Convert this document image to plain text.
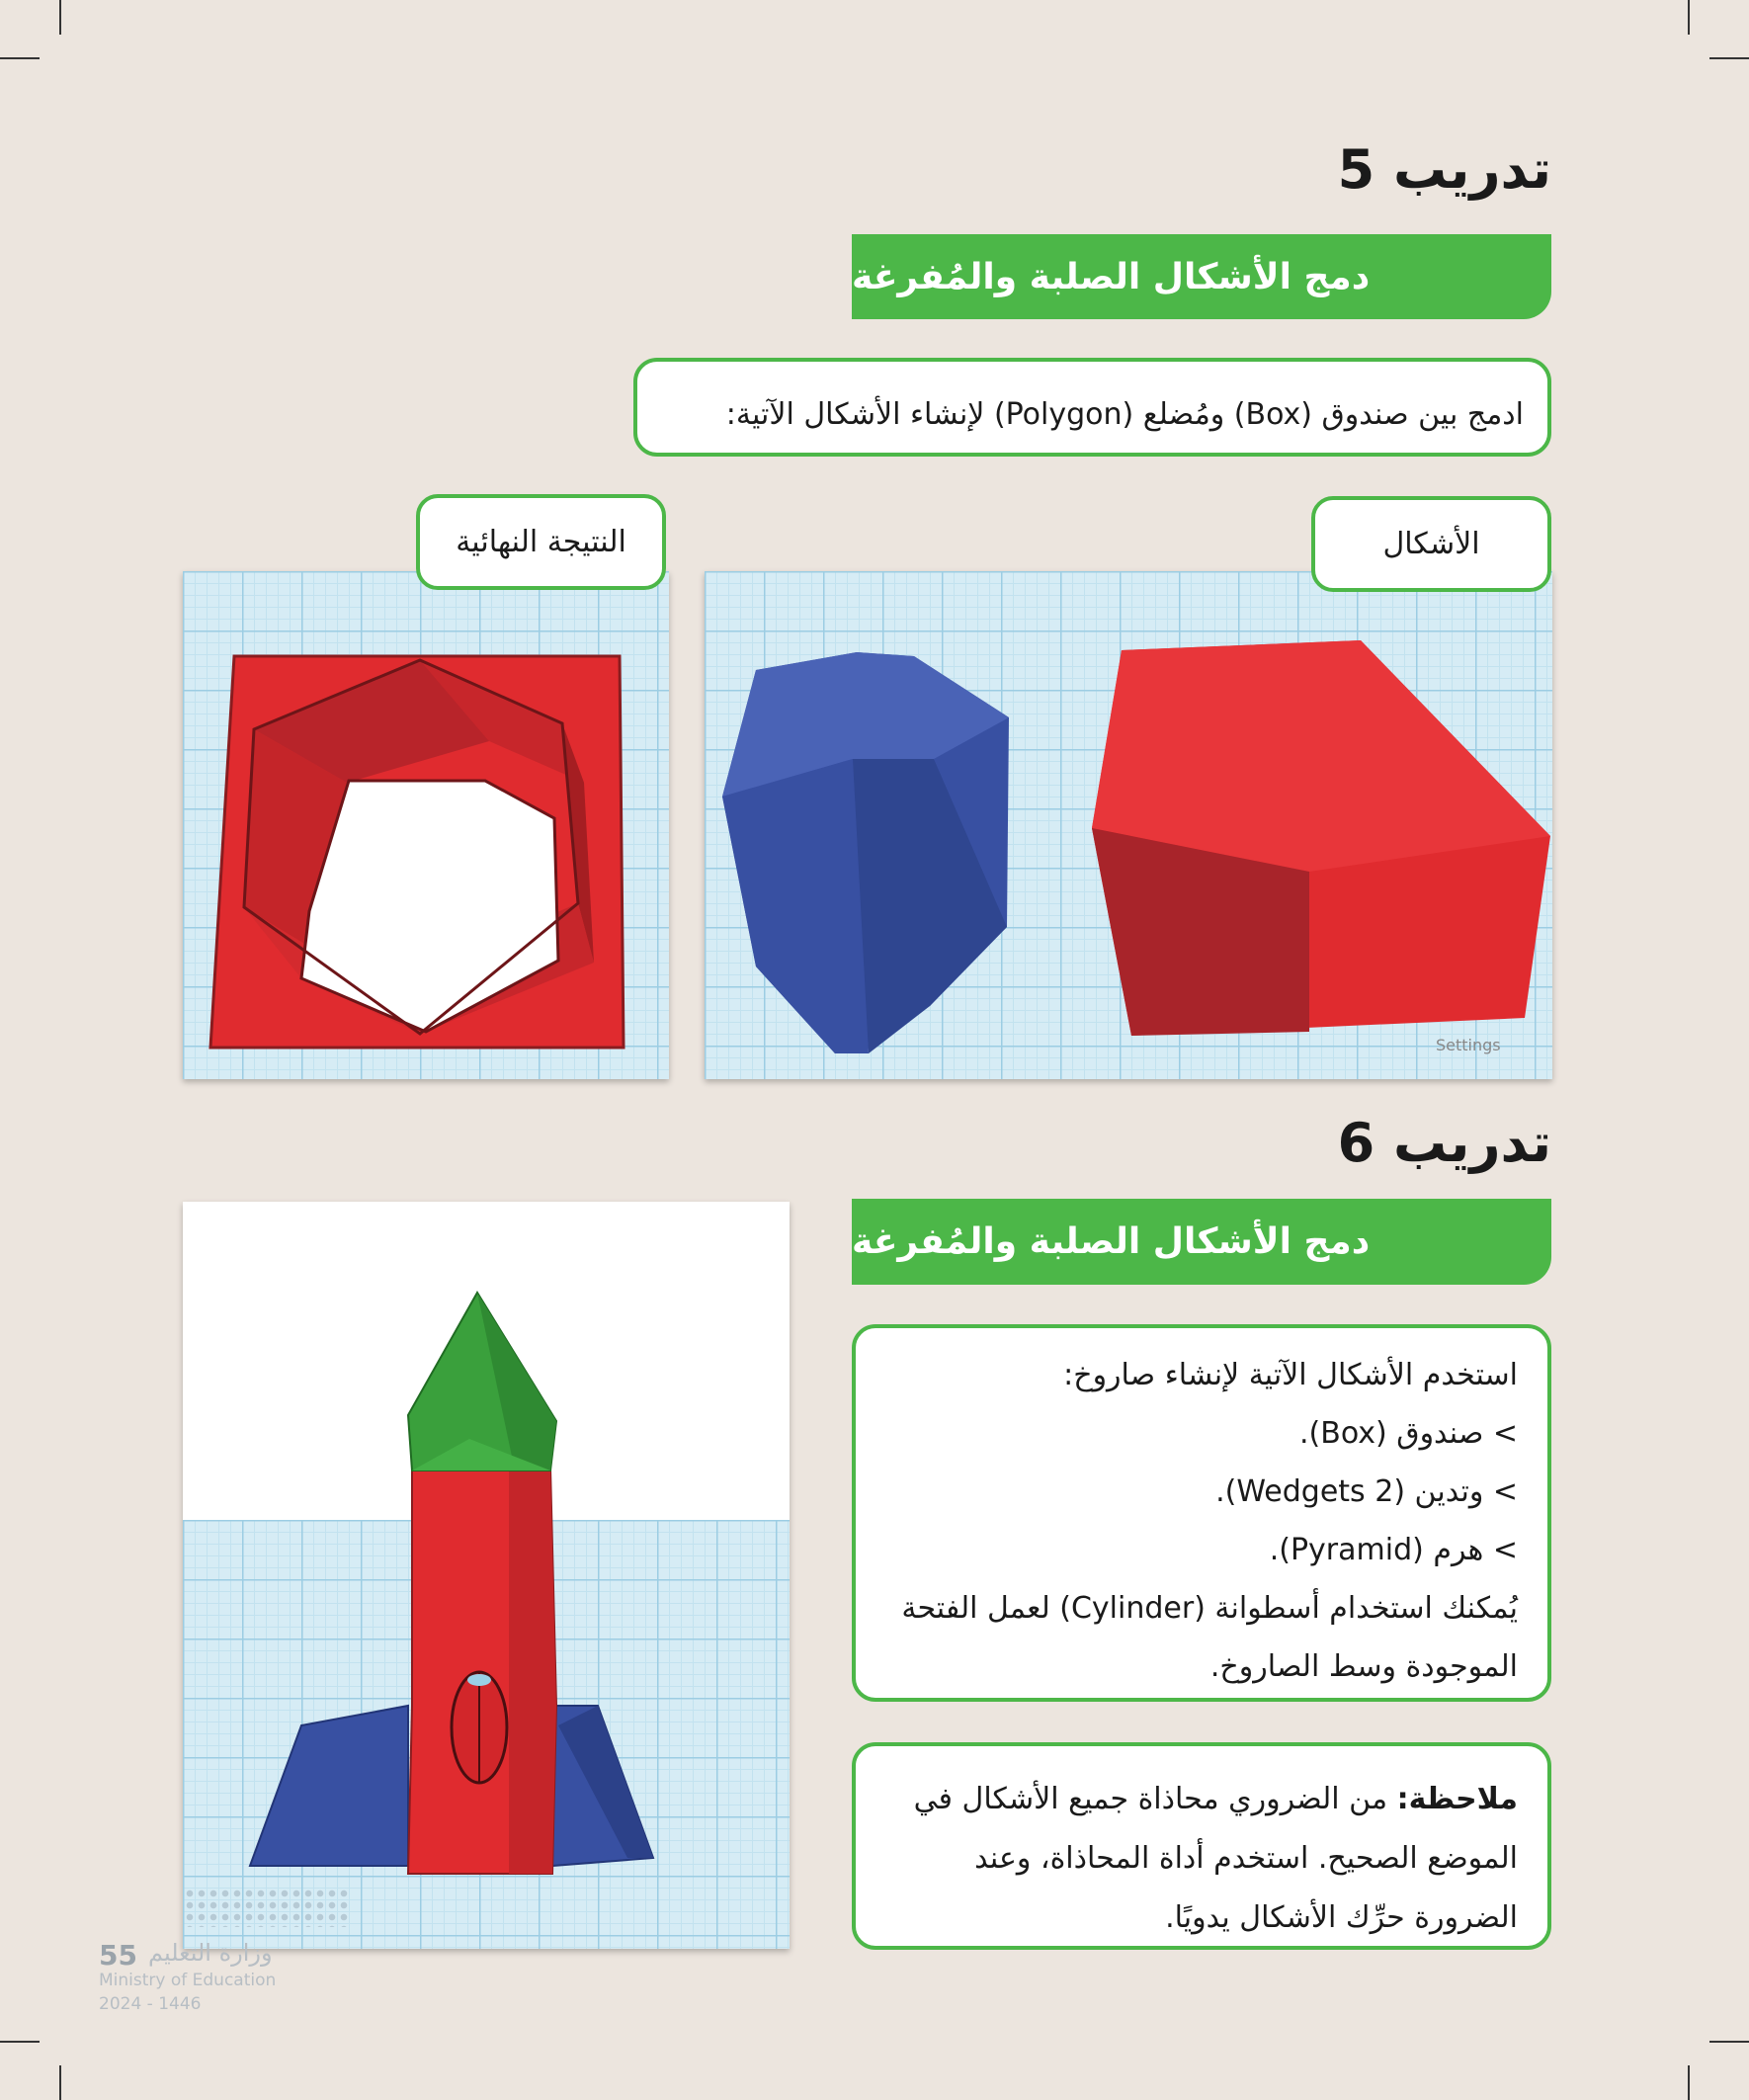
تدريب 5
دمج الأشكال الصلبة والمُفرغة
ادمج بين صندوق (Box) ومُضلع (Polygon) لإنشاء الأشكال الآتية:
Settings
النتيجة النهائية	الأشكال
تدريب 6
دمج الأشكال الصلبة والمُفرغة
استخدم الأشكال الآتية لإنشاء صاروخ:
> صندوق (Box).
> وتدين (Wedgets 2).
> هرم (Pyramid).
يُمكنك استخدام أسطوانة (Cylinder) لعمل الفتحة
الموجودة وسط الصاروخ.
ملاحظة: من الضروري محاذاة جميع الأشكال في
الموضع الصحيح. استخدم أداة المحاذاة، وعند
الضرورة حرِّك الأشكال يدويًا.
55 وزارة التعليم
Ministry of Education
2024 - 1446
